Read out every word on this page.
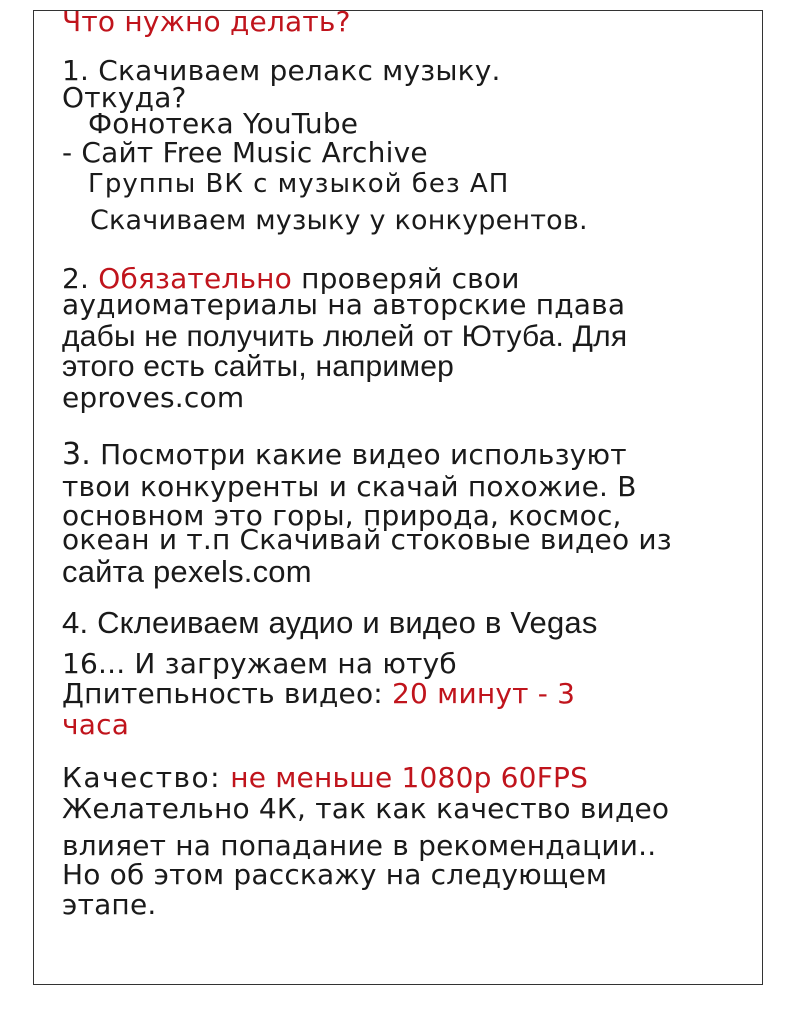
Что нужно делать?
1. Скачиваем релакс музыку.
Откуда?
Фонотека YouTube
- Сайт Free Music Archive
Группы ВК с музыкой без АП
Скачиваем музыку у конкурентов.
2. Обязательно проверяй свои
аудиоматериалы на авторские пдава
дабы не получить люлей от Ютуба. Для
этого есть сайты, например
eproves.com
3. Посмотри какие видео используют
твои конкуренты и скачай похожие. В
основном это горы, природа, космос,
океан и т.п Скачивай стоковые видео из
сайта pexels.com
4. Склеиваем аудио и видео в Vegas
16... И загружаем на ютуб
Дпитепьность видео: 20 минут - 3
часа
Качество: не меньше 1080р 60FPS
Желательно 4К, так как качество видео
влияет на попадание в рекомендации..
Но об этом расскажу на следующем
этапе.
